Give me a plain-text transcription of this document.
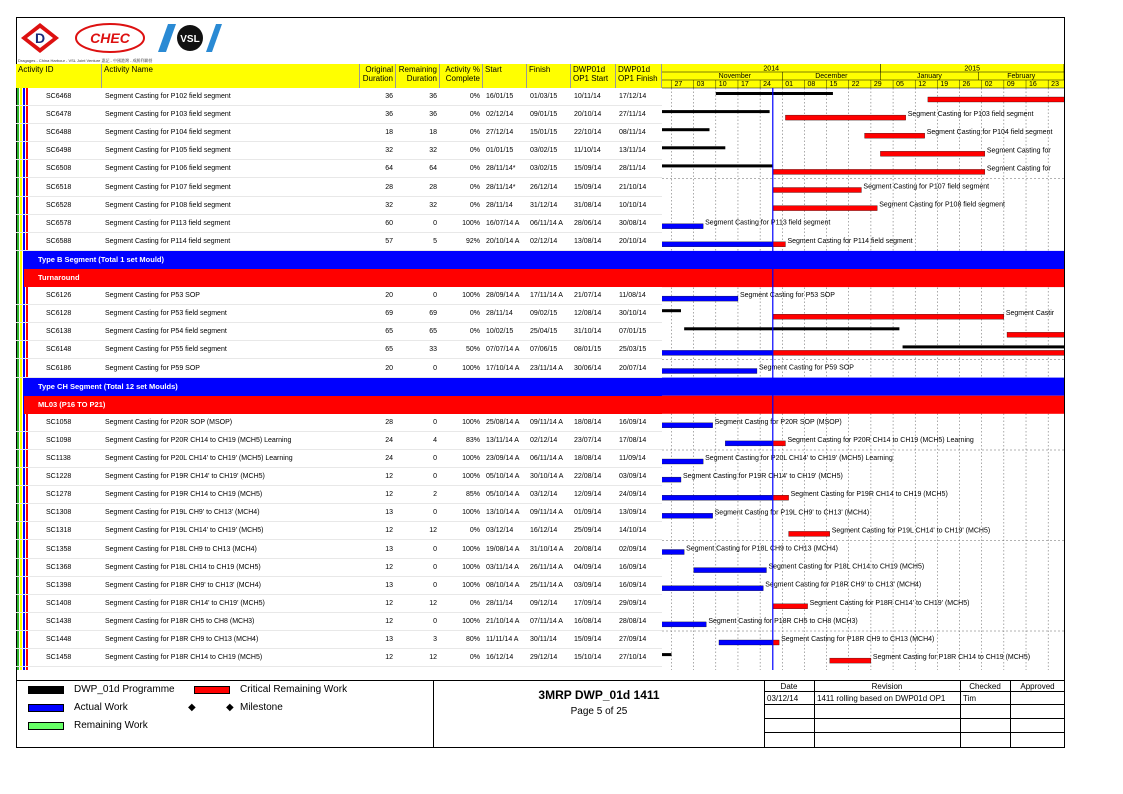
D	CHEC	VSL
Dragages - China Harbour - VSL Joint Venture 惠記 - 中國港灣 - 威勝利聯營
Activity ID	Activity Name	Original Duration
Remaining Duration
Activity % Complete
Start	Finish	DWP01d OP1 Start
DWP01d OP1 Finish
SC6468	Segment Casting for P102 field segment	36	36	0% 16/01/15	01/03/15	10/11/14	17/12/14
SC6478	Segment Casting for P103 field segment	36	36	0% 02/12/14	09/01/15	20/10/14	27/11/14
SC6488	Segment Casting for P104 field segment	18	18	0% 27/12/14	15/01/15	22/10/14	08/11/14
SC6498	Segment Casting for P105 field segment	32	32	0% 01/01/15	03/02/15	11/10/14	13/11/14
SC6508	Segment Casting for P106 field segment	64	64	0% 28/11/14*	03/02/15	15/09/14	28/11/14
SC6518	Segment Casting for P107 field segment	28	28	0% 28/11/14*	26/12/14	15/09/14	21/10/14
SC6528	Segment Casting for P108 field segment	32	32	0% 28/11/14	31/12/14	31/08/14	10/10/14
SC6578	Segment Casting for P113 field segment	60	0	100% 16/07/14 A	06/11/14 A	28/06/14	30/08/14
SC6588	Segment Casting for P114 field segment	57	5	92% 20/10/14 A	02/12/14	13/08/14	20/10/14
Type B Segment (Total 1 set Mould)
Turnaround
SC6126	Segment Casting for P53 SOP	20	0	100% 28/09/14 A	17/11/14 A	21/07/14	11/08/14
SC6128	Segment Casting for P53 field segment	69	69	0% 28/11/14	09/02/15	12/08/14	30/10/14
SC6138	Segment Casting for P54 field segment	65	65	0% 10/02/15	25/04/15	31/10/14	07/01/15
SC6148	Segment Casting for P55 field segment	65	33	50% 07/07/14 A	07/06/15	08/01/15	25/03/15
SC6186	Segment Casting for P59 SOP	20	0	100% 17/10/14 A	23/11/14 A	30/06/14	20/07/14
Type CH Segment (Total 12 set Moulds)
ML03 (P16 TO P21)
SC1058	Segment Casting for P20R SOP (MSOP)	28	0	100% 25/08/14 A	09/11/14 A	18/08/14	16/09/14
SC1098	Segment Casting for P20R CH14 to CH19 (MCH5) Learning	24	4	83% 13/11/14 A	02/12/14	23/07/14	17/08/14
SC1138	Segment Casting for P20L CH14' to CH19' (MCH5) Learning	24	0	100% 23/09/14 A	06/11/14 A	18/08/14	11/09/14
SC1228	Segment Casting for P19R CH14' to CH19' (MCH5)	12	0	100% 05/10/14 A	30/10/14 A	22/08/14	03/09/14
SC1278	Segment Casting for P19R CH14 to CH19 (MCH5)	12	2	85% 05/10/14 A	03/12/14	12/09/14	24/09/14
SC1308	Segment Casting for P19L CH9' to CH13' (MCH4)	13	0	100% 13/10/14 A	09/11/14 A	01/09/14	13/09/14
SC1318	Segment Casting for P19L CH14' to CH19' (MCH5)	12	12	0% 03/12/14	16/12/14	25/09/14	14/10/14
SC1358	Segment Casting for P18L CH9 to CH13 (MCH4)	13	0	100% 19/08/14 A	31/10/14 A	20/08/14	02/09/14
SC1368	Segment Casting for P18L CH14 to CH19 (MCH5)	12	0	100% 03/11/14 A	26/11/14 A	04/09/14	16/09/14
SC1398	Segment Casting for P18R CH9' to CH13' (MCH4)	13	0	100% 08/10/14 A	25/11/14 A	03/09/14	16/09/14
SC1408	Segment Casting for P18R CH14' to CH19' (MCH5)	12	12	0% 28/11/14	09/12/14	17/09/14	29/09/14
SC1438	Segment Casting for P18R CH5 to CH8 (MCH3)	12	0	100% 21/10/14 A	07/11/14 A	16/08/14	28/08/14
SC1448	Segment Casting for P18R CH9 to CH13 (MCH4)	13	3	80% 11/11/14 A	30/11/14	15/09/14	27/09/14
SC1458	Segment Casting for P18R CH14 to CH19 (MCH5)	12	12	0% 16/12/14	29/12/14	15/10/14	27/10/14
2014	2015
November	December	January	February
27 03 10 17 24 01 08 15 22 29 05 12 19 26 02 09 16 23
Segment Casting for P103 field segment
Segment Casting for P104 field segment
Segment Casting for
Segment Casting for
Segment Casting for P107 field segment
Segment Casting for P108 field segment
Segment Casting for P113 field segment
Segment Casting for P114 field segment
Segment Casting for P53 SOP
Segment Castir
Segment Casting for P59 SOP
Segment Casting for P20R SOP (MSOP)
Segment Casting for P20R CH14 to CH19 (MCH5) Learning
Segment Casting for P20L CH14' to CH19' (MCH5) Learning
Segment Casting for P19R CH14' to CH19' (MCH5)
Segment Casting for P19R CH14 to CH19 (MCH5)
Segment Casting for P19L CH9' to CH13' (MCH4)
Segment Casting for P19L CH14' to CH19' (MCH5)
Segment Casting for P18L CH9 to CH13 (MCH4)
Segment Casting for P18L CH14 to CH19 (MCH5)
Segment Casting for P18R CH9' to CH13' (MCH4)
Segment Casting for P18R CH14' to CH19' (MCH5)
Segment Casting for P18R CH5 to CH8 (MCH3)
Segment Casting for P18R CH9 to CH13 (MCH4)
Segment Casting for P18R CH14 to CH19 (MCH5)
DWP_01d Programme	Critical Remaining Work
Actual Work	◆	◆ Milestone
Remaining Work
3MRP DWP_01d 1411
Page 5 of 25
Date	Revision	Checked	Approved
03/12/14 1411 rolling based on DWP01d OP1 Tim
